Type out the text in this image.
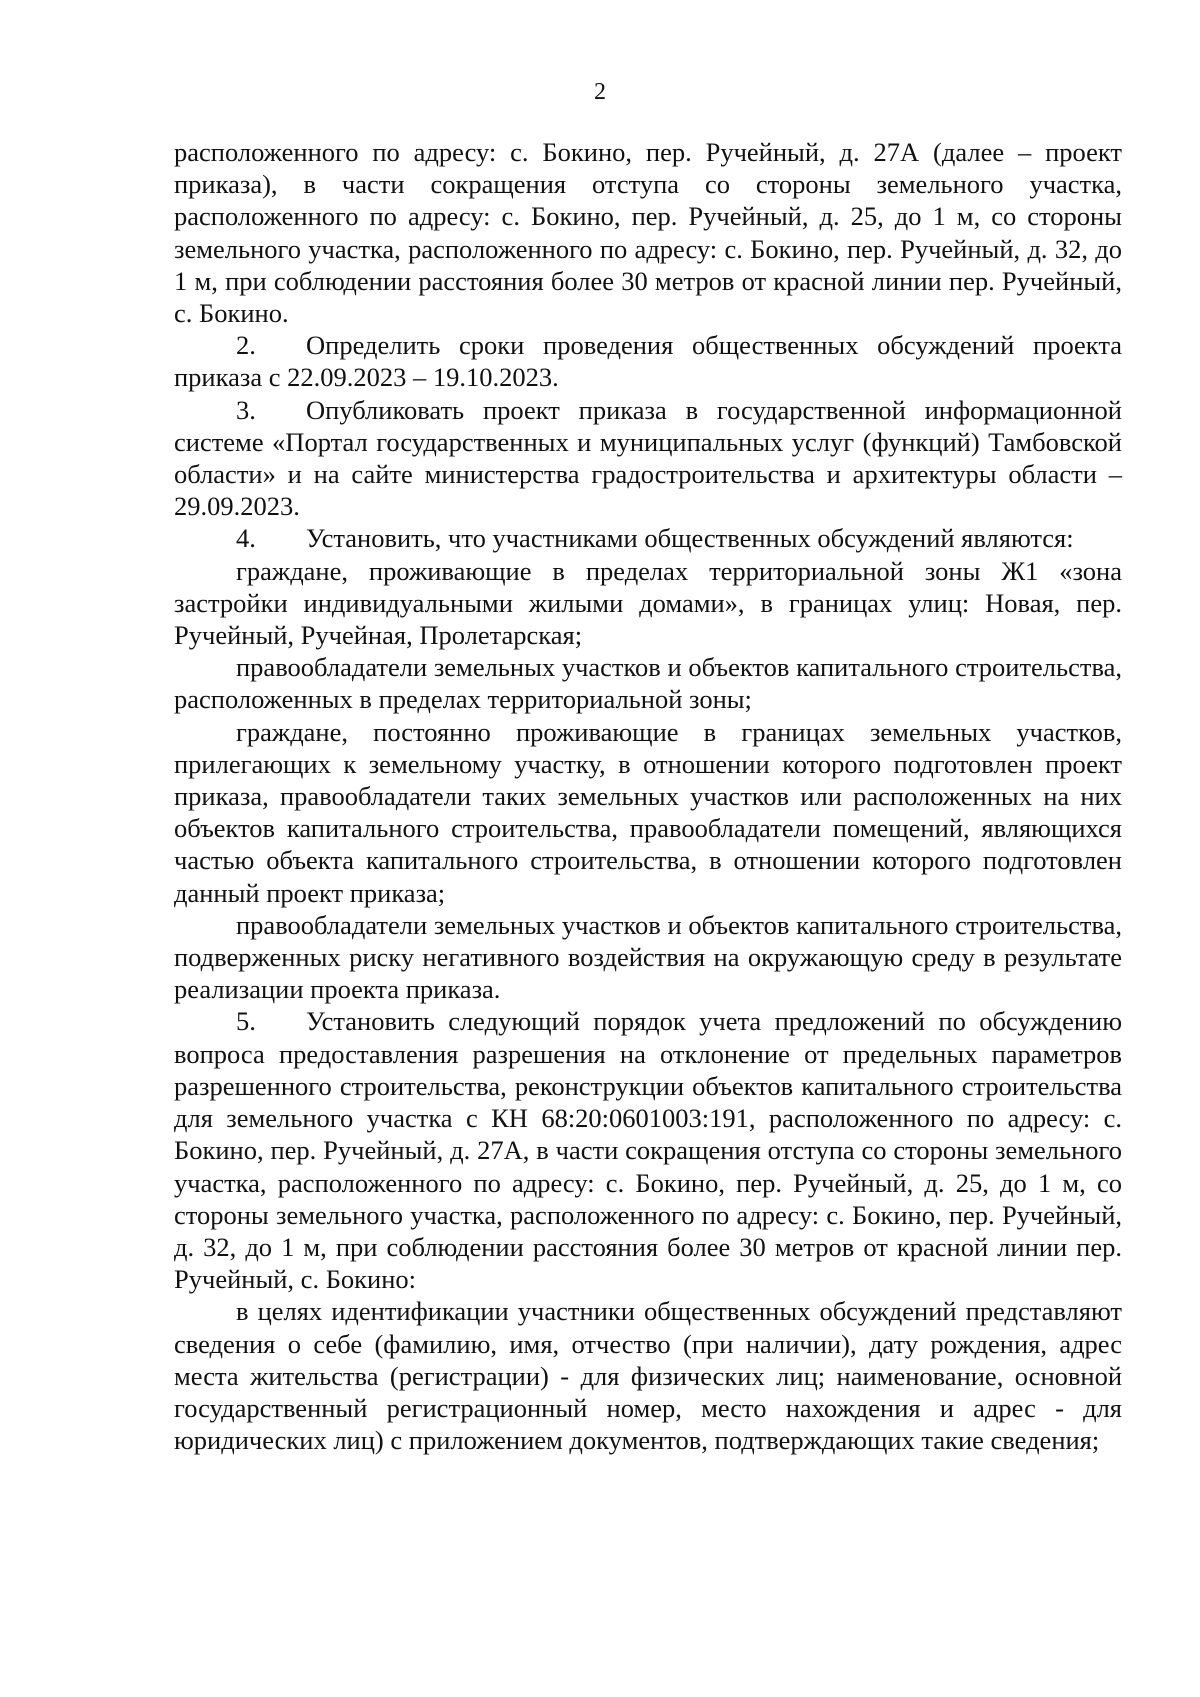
2

расположенного по адресу: с. Бокино, пер. Ручейный, д. 27А (далее – проект приказа), в части сокращения отступа со стороны земельного участка, расположенного по адресу: с. Бокино, пер. Ручейный, д. 25, до 1 м, со стороны земельного участка, расположенного по адресу: с. Бокино, пер. Ручейный, д. 32, до 1 м, при соблюдении расстояния более 30 метров от красной линии пер. Ручейный, с. Бокино.

2. Определить сроки проведения общественных обсуждений проекта приказа с 22.09.2023 – 19.10.2023.

3. Опубликовать проект приказа в государственной информационной системе «Портал государственных и муниципальных услуг (функций) Тамбовской области» и на сайте министерства градостроительства и архитектуры области – 29.09.2023.

4. Установить, что участниками общественных обсуждений являются:

граждане, проживающие в пределах территориальной зоны Ж1 «зона застройки индивидуальными жилыми домами», в границах улиц: Новая, пер. Ручейный, Ручейная, Пролетарская;

правообладатели земельных участков и объектов капитального строительства, расположенных в пределах территориальной зоны;

граждане, постоянно проживающие в границах земельных участков, прилегающих к земельному участку, в отношении которого подготовлен проект приказа, правообладатели таких земельных участков или расположенных на них объектов капитального строительства, правообладатели помещений, являющихся частью объекта капитального строительства, в отношении которого подготовлен данный проект приказа;

правообладатели земельных участков и объектов капитального строительства, подверженных риску негативного воздействия на окружающую среду в результате реализации проекта приказа.

5. Установить следующий порядок учета предложений по обсуждению вопроса предоставления разрешения на отклонение от предельных параметров разрешенного строительства, реконструкции объектов капитального строительства для земельного участка с КН 68:20:0601003:191, расположенного по адресу: с. Бокино, пер. Ручейный, д. 27А, в части сокращения отступа со стороны земельного участка, расположенного по адресу: с. Бокино, пер. Ручейный, д. 25, до 1 м, со стороны земельного участка, расположенного по адресу: с. Бокино, пер. Ручейный, д. 32, до 1 м, при соблюдении расстояния более 30 метров от красной линии пер. Ручейный, с. Бокино:

в целях идентификации участники общественных обсуждений представляют сведения о себе (фамилию, имя, отчество (при наличии), дату рождения, адрес места жительства (регистрации) - для физических лиц; наименование, основной государственный регистрационный номер, место нахождения и адрес - для юридических лиц) с приложением документов, подтверждающих такие сведения;
